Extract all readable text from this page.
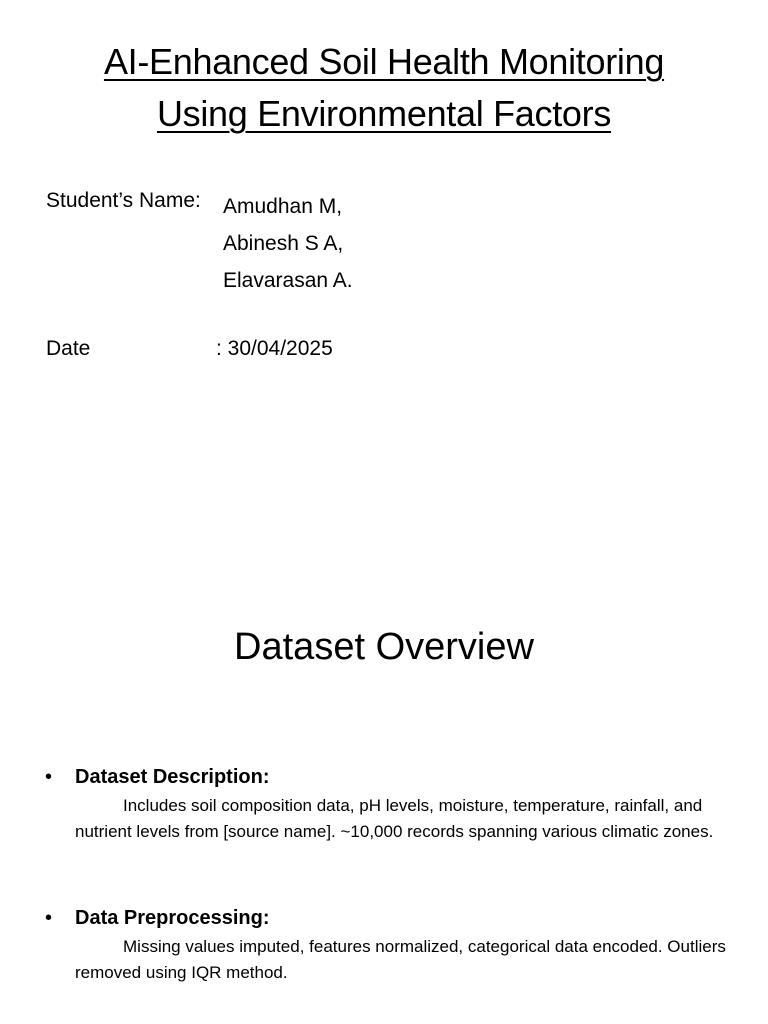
AI-Enhanced Soil Health Monitoring
Using Environmental Factors
Student’s Name: Amudhan M,
Abinesh S A,
Elavarasan A.
Date	: 30/04/2025
Dataset Overview
• Dataset Description:
Includes soil composition data, pH levels, moisture, temperature, rainfall, and nutrient levels from [source name]. ~10,000 records spanning various climatic zones.
• Data Preprocessing:
Missing values imputed, features normalized, categorical data encoded. Outliers removed using IQR method.
